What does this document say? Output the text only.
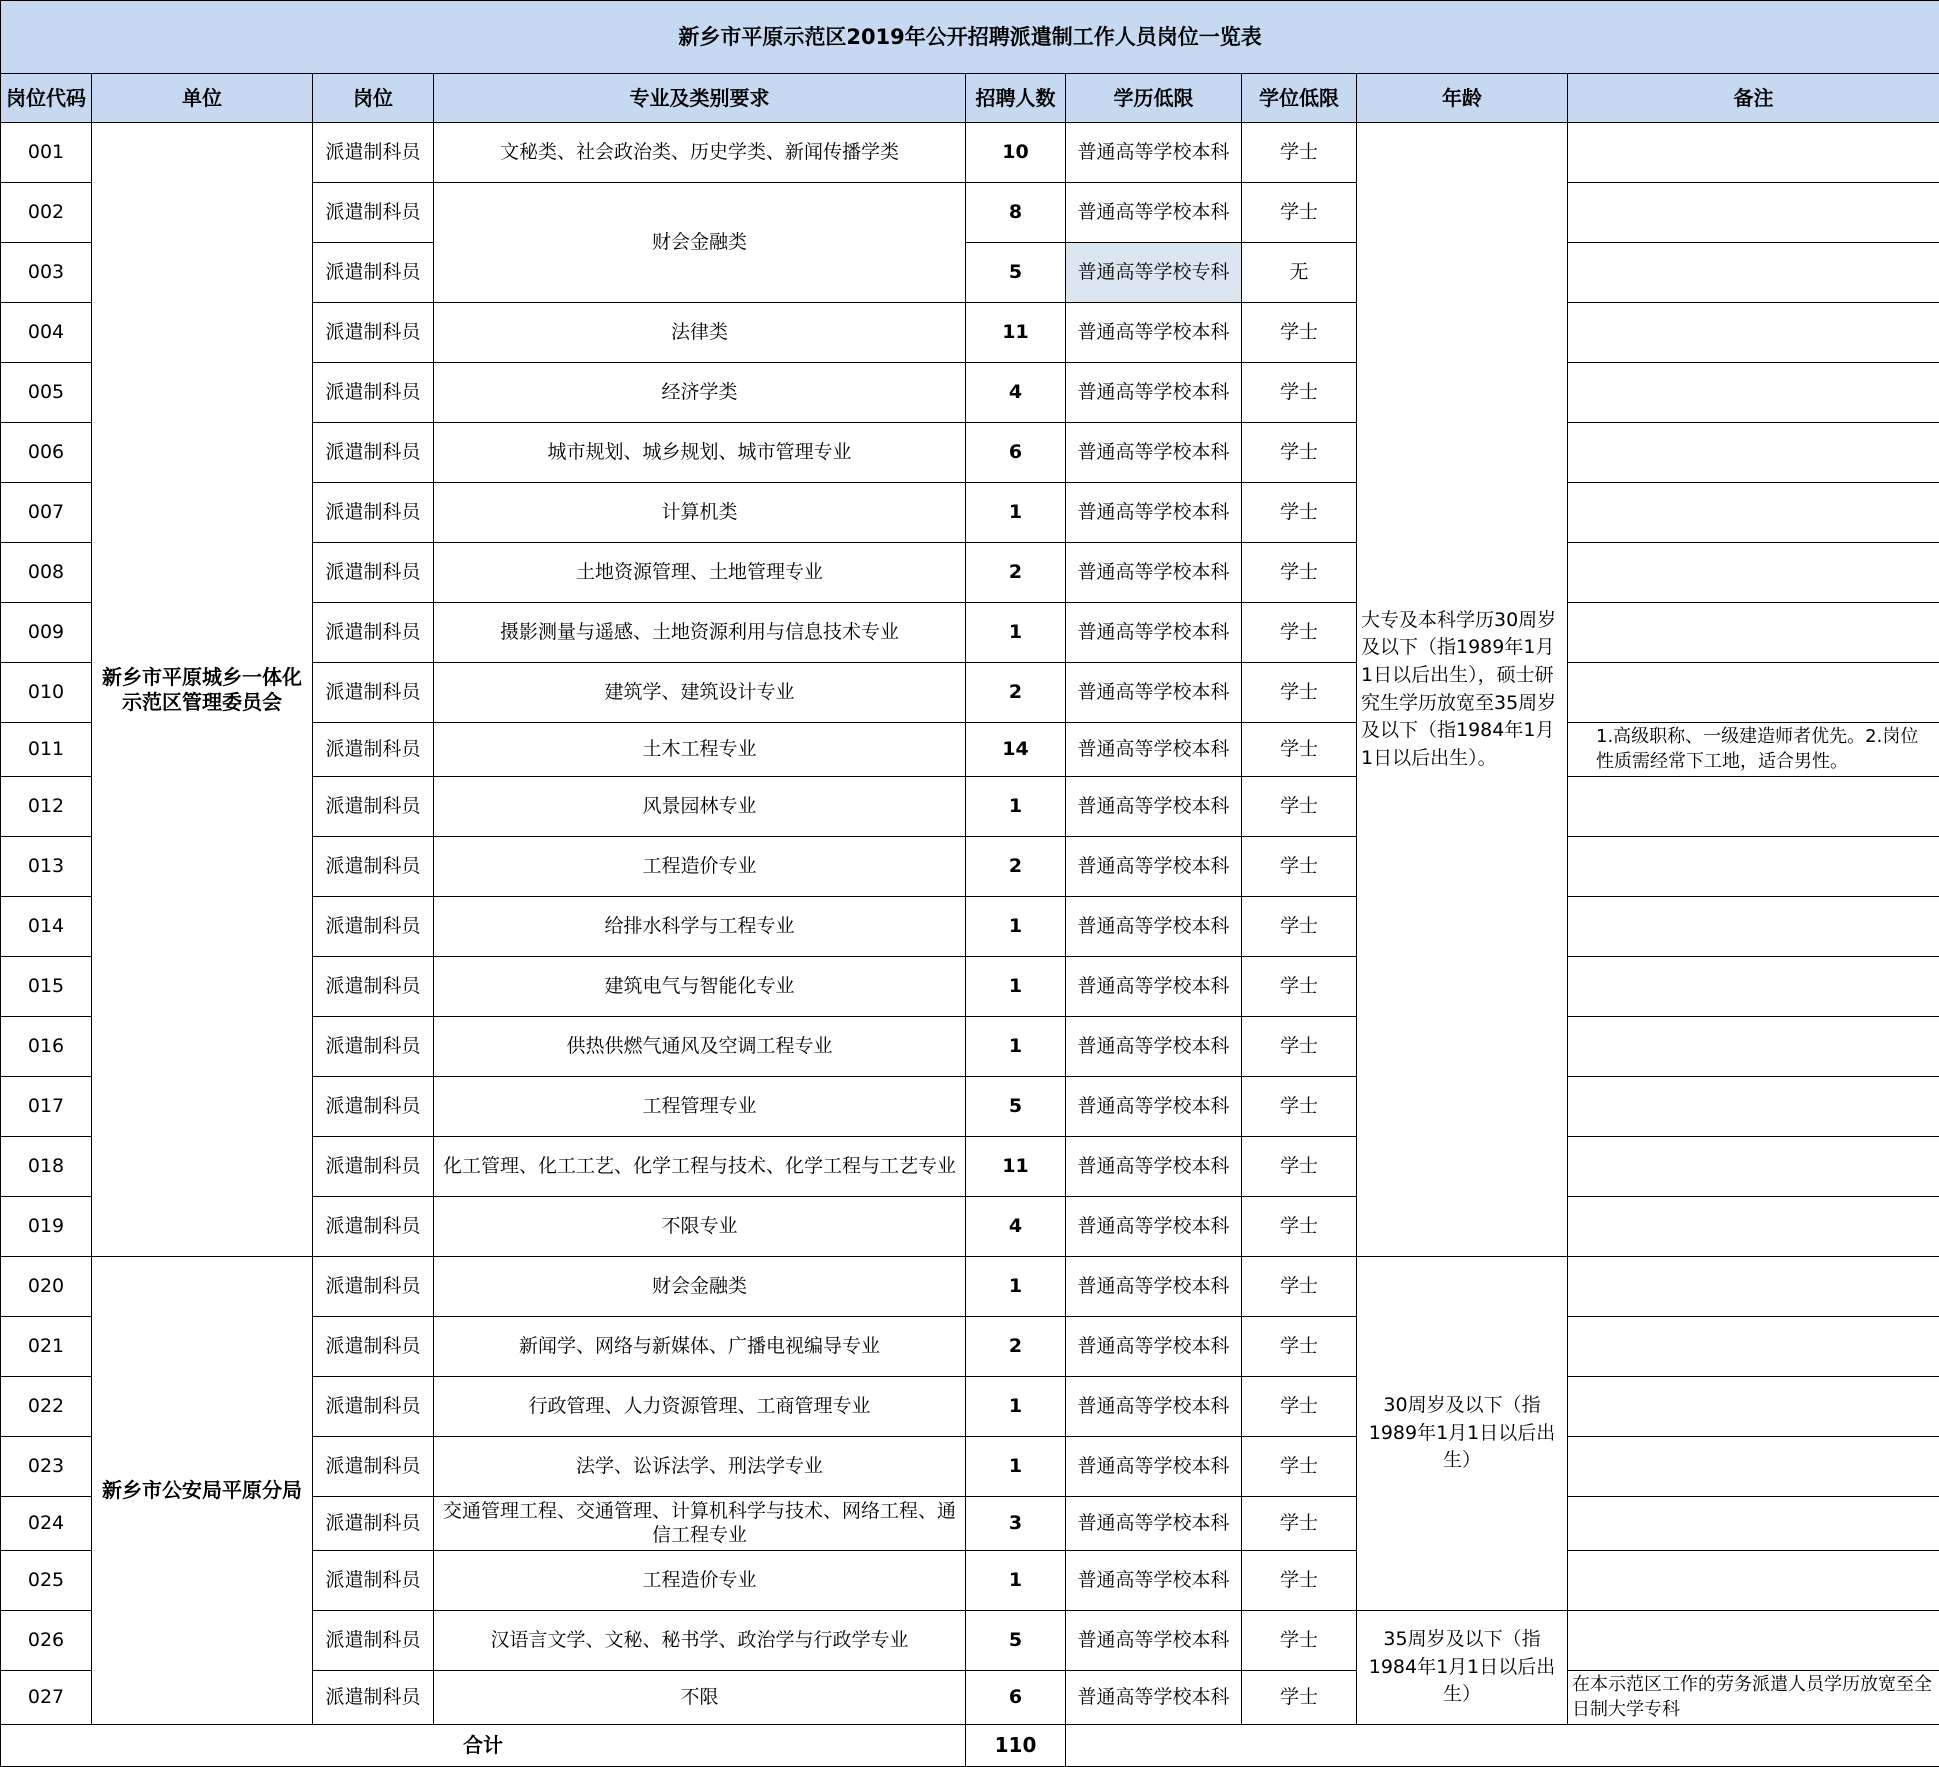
新乡市平原示范区2019年公开招聘派遣制工作人员岗位一览表								
岗位代码	单位	岗位	专业及类别要求	招聘人数	学历低限	学位低限	年龄	备注
001	新乡市平原城乡一体化示范区管理委员会	派遣制科员	文秘类、社会政治类、历史学类、新闻传播学类	10	普通高等学校本科	学士	大专及本科学历30周岁及以下（指1989年1月1日以后出生），硕士研究生学历放宽至35周岁及以下（指1984年1月1日以后出生）。	
002		派遣制科员	财会金融类	8	普通高等学校本科	学士		
003		派遣制科员		5	普通高等学校专科	无		
004		派遣制科员	法律类	11	普通高等学校本科	学士		
005		派遣制科员	经济学类	4	普通高等学校本科	学士		
006		派遣制科员	城市规划、城乡规划、城市管理专业	6	普通高等学校本科	学士		
007		派遣制科员	计算机类	1	普通高等学校本科	学士		
008		派遣制科员	土地资源管理、土地管理专业	2	普通高等学校本科	学士		
009		派遣制科员	摄影测量与遥感、土地资源利用与信息技术专业	1	普通高等学校本科	学士		
010		派遣制科员	建筑学、建筑设计专业	2	普通高等学校本科	学士		
011		派遣制科员	土木工程专业	14	普通高等学校本科	学士		1.高级职称、一级建造师者优先。2.岗位性质需经常下工地，适合男性。
012		派遣制科员	风景园林专业	1	普通高等学校本科	学士		
013		派遣制科员	工程造价专业	2	普通高等学校本科	学士		
014		派遣制科员	给排水科学与工程专业	1	普通高等学校本科	学士		
015		派遣制科员	建筑电气与智能化专业	1	普通高等学校本科	学士		
016		派遣制科员	供热供燃气通风及空调工程专业	1	普通高等学校本科	学士		
017		派遣制科员	工程管理专业	5	普通高等学校本科	学士		
018		派遣制科员	化工管理、化工工艺、化学工程与技术、化学工程与工艺专业	11	普通高等学校本科	学士		
019		派遣制科员	不限专业	4	普通高等学校本科	学士		
020	新乡市公安局平原分局	派遣制科员	财会金融类	1	普通高等学校本科	学士	30周岁及以下（指1989年1月1日以后出生）	
021		派遣制科员	新闻学、网络与新媒体、广播电视编导专业	2	普通高等学校本科	学士		
022		派遣制科员	行政管理、人力资源管理、工商管理专业	1	普通高等学校本科	学士		
023		派遣制科员	法学、讼诉法学、刑法学专业	1	普通高等学校本科	学士		
024		派遣制科员	交通管理工程、交通管理、计算机科学与技术、网络工程、通信工程专业	3	普通高等学校本科	学士		
025		派遣制科员	工程造价专业	1	普通高等学校本科	学士		
026		派遣制科员	汉语言文学、文秘、秘书学、政治学与行政学专业	5	普通高等学校本科	学士	35周岁及以下（指1984年1月1日以后出生）	
027		派遣制科员	不限	6	普通高等学校本科	学士		在本示范区工作的劳务派遣人员学历放宽至全日制大学专科
合计				110				
